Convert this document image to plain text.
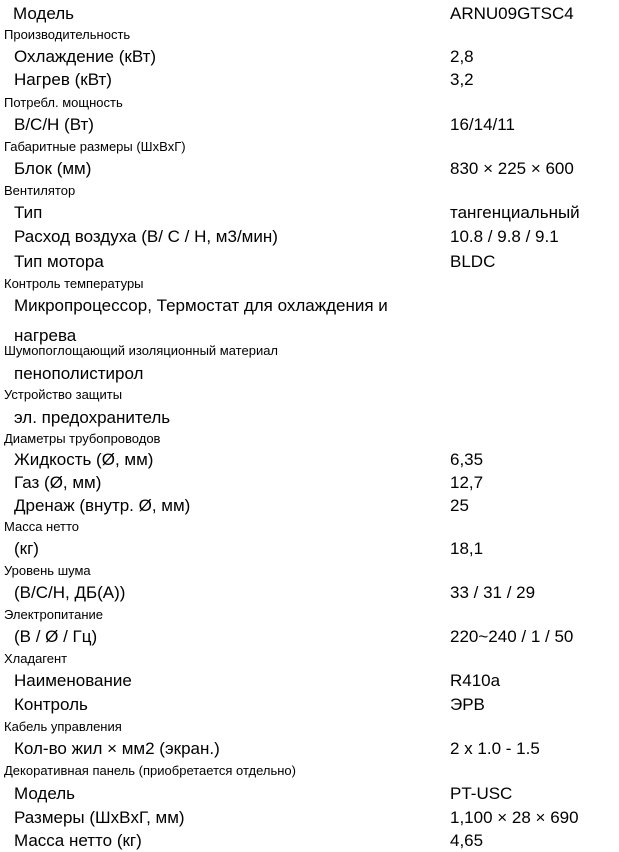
Модель	ARNU09GTSC4
Производительность
Охлаждение (кВт)	2,8
Нагрев (кВт)	3,2
Потребл. мощность
В/С/Н (Вт)	16/14/11
Габаритные размеры (ШxВxГ)
Блок (мм)	830 × 225 × 600
Вентилятор
Тип	тангенциальный
Расход воздуха (В/ С / Н, м3/мин)	10.8 / 9.8 / 9.1
Тип мотора	BLDC
Контроль температуры
Микропроцессор, Термостат для охлаждения и нагрева
Шумопоглощающий изоляционный материал
пенополистирол
Устройство защиты
эл. предохранитель
Диаметры трубопроводов
Жидкость (Ø, мм)	6,35
Газ (Ø, мм)	12,7
Дренаж (внутр. Ø, мм)	25
Масса нетто
(кг)	18,1
Уровень шума
(В/С/Н, ДБ(А))	33 / 31 / 29
Электропитание
(В / Ø / Гц)	220~240 / 1 / 50
Хладагент
Наименование	R410a
Контроль	ЭРВ
Кабель управления
Кол-во жил × мм2 (экран.)	2 x 1.0 - 1.5
Декоративная панель (приобретается отдельно)
Модель	PT-USC
Размеры (ШxВxГ, мм)	1,100 × 28 × 690
Масса нетто (кг)	4,65
